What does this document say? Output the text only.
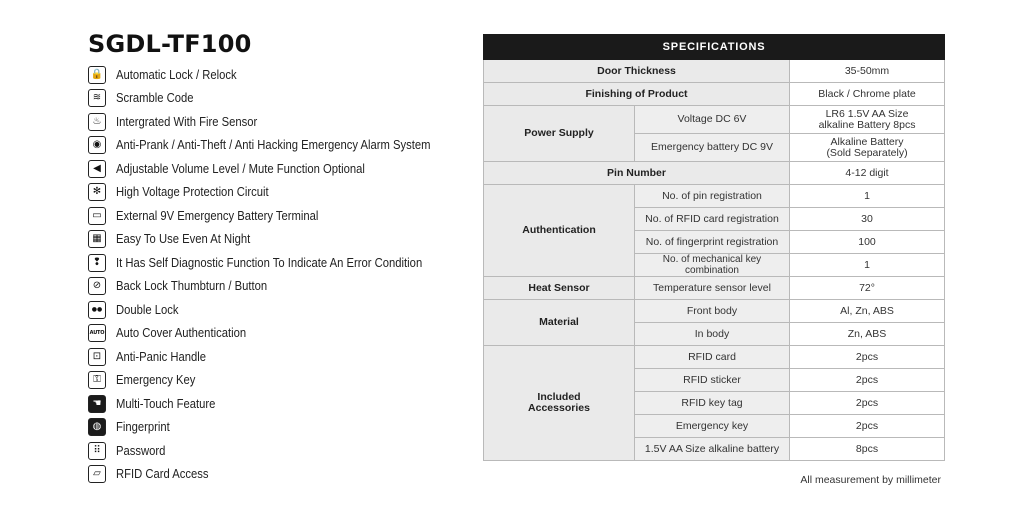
SGDL-TF100
🔒 Automatic Lock / Relock
≋	Scramble Code
♨	Intergrated With Fire Sensor
◉	Anti-Prank / Anti-Theft / Anti Hacking Emergency Alarm System
◀	Adjustable Volume Level / Mute Function Optional
✻	High Voltage Protection Circuit
▭	External 9V Emergency Battery Terminal
▦	Easy To Use Even At Night
❢	It Has Self Diagnostic Function To Indicate An Error Condition
⊘	Back Lock Thumbturn / Button
●●	Double Lock
AUTO Auto Cover Authentication
⊡	Anti-Panic Handle
⚿	Emergency Key
☚	Multi-Touch Feature
◍	Fingerprint
⠿	Password
▱	RFID Card Access
SPECIFICATIONS		
Door Thickness		35-50mm
Finishing of Product		Black / Chrome plate
Power Supply	Voltage DC 6V	LR6 1.5V AA Size
alkaline Battery 8pcs
	Emergency battery DC 9V	Alkaline Battery
(Sold Separately)
Pin Number		4-12 digit
Authentication	No. of pin registration	1
	No. of RFID card registration	30
	No. of fingerprint registration	100
	No. of mechanical key combination	1
Heat Sensor	Temperature sensor level	72°
Material	Front body	Al, Zn, ABS
	In body	Zn, ABS
Included
Accessories	RFID card	2pcs
	RFID sticker	2pcs
	RFID key tag	2pcs
	Emergency key	2pcs
	1.5V AA Size alkaline battery	8pcs
All measurement by millimeter
